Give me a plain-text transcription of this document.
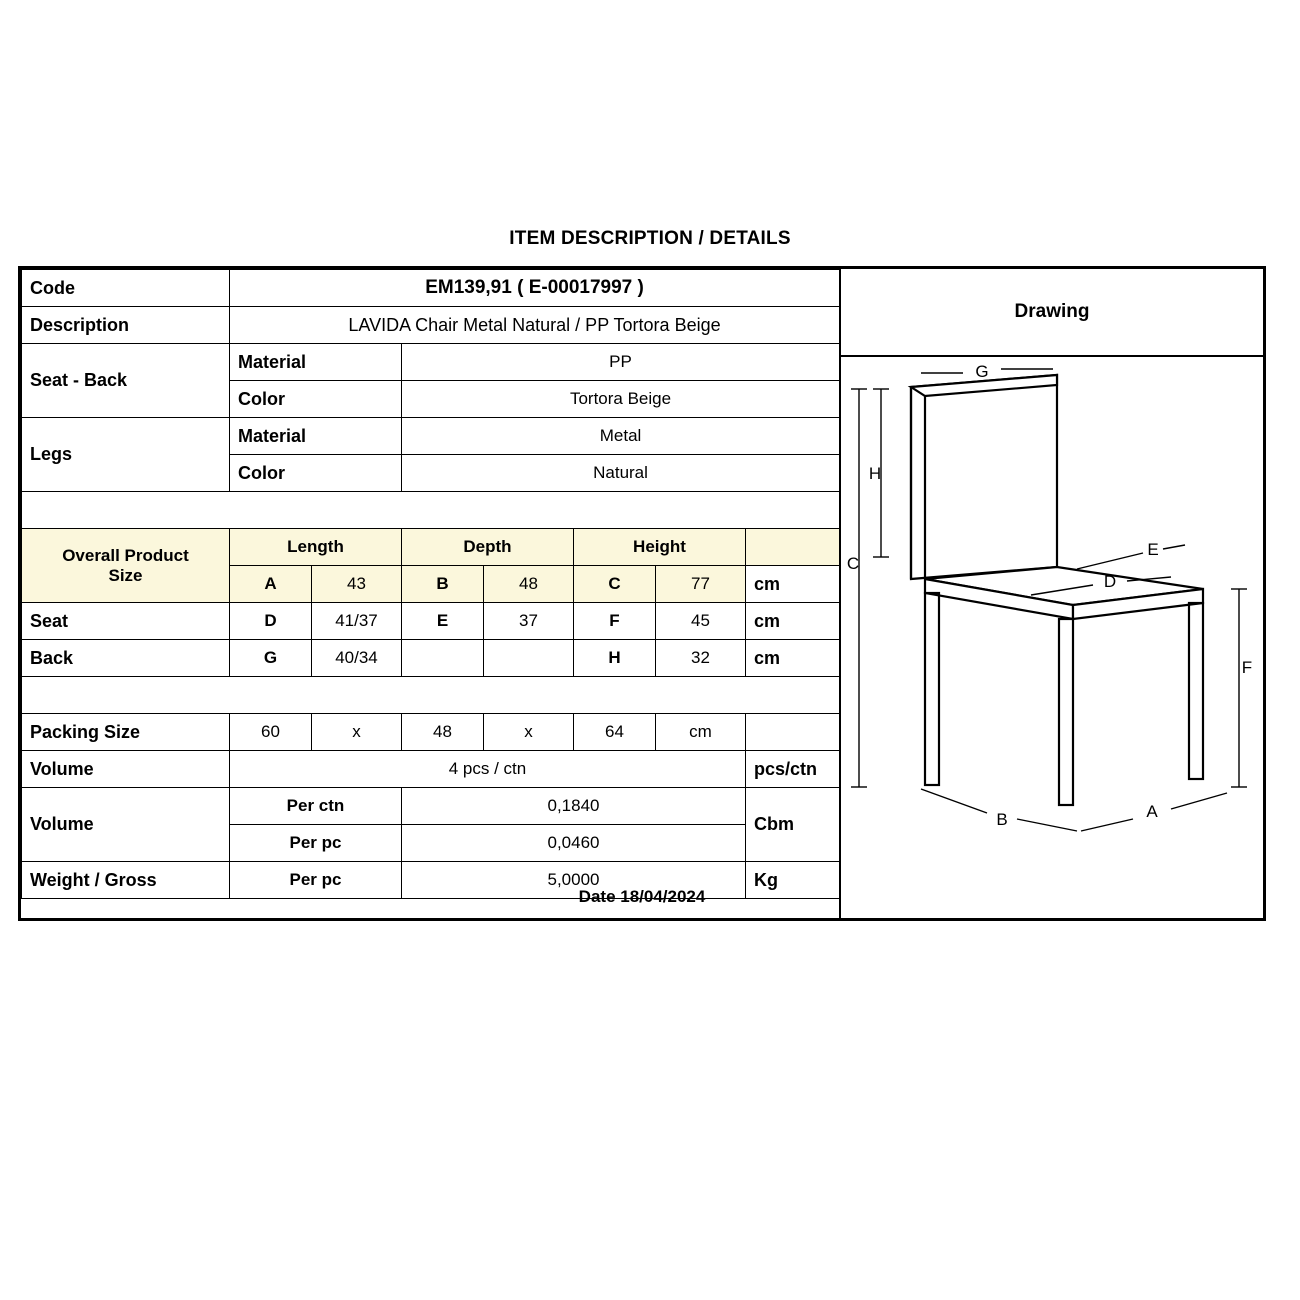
ITEM DESCRIPTION / DETAILS
Code	EM139,91 ( E-00017997 )						
Description	LAVIDA Chair Metal Natural / PP Tortora Beige						
Seat - Back	Material		PP				
	Color		Tortora Beige				
Legs	Material		Metal				
	Color		Natural				

Overall Product
Size	Length		Depth		Height		
	A	43	B	48	C	77	cm
Seat	D	41/37	E	37	F	45	cm
Back	G	40/34			H	32	cm

Packing Size	60	x	48	x	64	cm	
Volume	4 pcs / ctn						pcs/ctn
Volume	Per ctn		0,1840				Cbm
	Per pc		0,0460				
Weight / Gross	Per pc		5,0000				Kg
Drawing
H
C
F
G
E
D
B	A
Date 18/04/2024
